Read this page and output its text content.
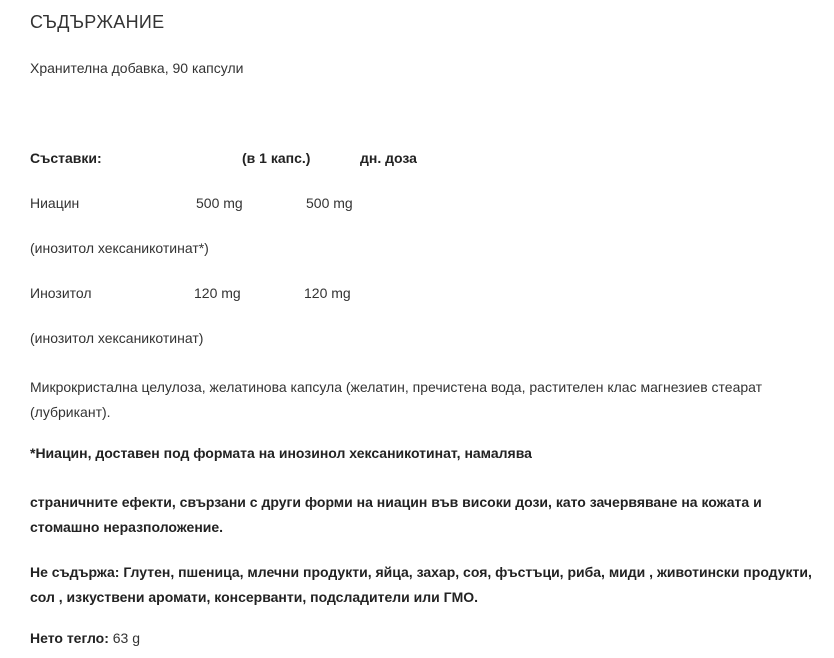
СЪДЪРЖАНИЕ
Хранителна добавка, 90 капсули
Съставки:	(в 1 капс.)	дн. доза
Ниацин	500 mg	500 mg
(инозитол хексаникотинат*)
Инозитол	120 mg	120 mg
(инозитол хексаникотинат)
Микрокристална целулоза, желатинова капсула (желатин, пречистена вода, растителен клас магнезиев стеарат (лубрикант).
*Ниацин, доставен под формата на инозинол хексаникотинат, намалява
страничните ефекти, свързани с други форми на ниацин във високи дози, като зачервяване на кожата и стомашно неразположение.
Не съдържа: Глутен, пшеница, млечни продукти, яйца, захар, соя, фъстъци, риба, миди , животински продукти, сол , изкуствени аромати, консерванти, подсладители или ГМО.
Нето тегло: 63 g
